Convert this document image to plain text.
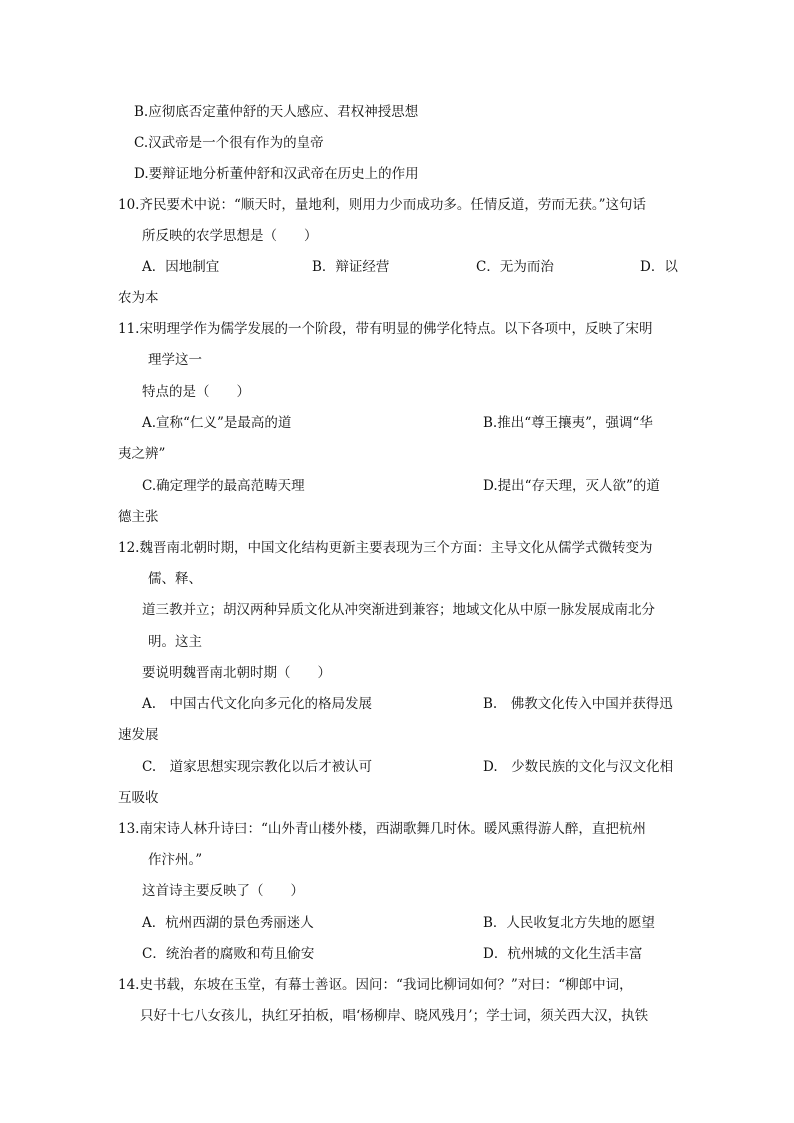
B.应彻底否定董仲舒的天人感应、君权神授思想
C.汉武帝是一个很有作为的皇帝
D.要辩证地分析董仲舒和汉武帝在历史上的作用
10.齐民要术中说：“顺天时，量地利，则用力少而成功多。任情反道，劳而无获。”这句话
所反映的农学思想是（　　）
A．因地制宜	B．辩证经营	C．无为而治	D．以
农为本
11.宋明理学作为儒学发展的一个阶段，带有明显的佛学化特点。以下各项中，反映了宋明
理学这一
特点的是（　　）
A.宣称“仁义”是最高的道	B.推出“尊王攘夷”，强调“华
夷之辨”
C.确定理学的最高范畴天理	D.提出“存天理，灭人欲”的道
德主张
12.魏晋南北朝时期，中国文化结构更新主要表现为三个方面：主导文化从儒学式微转变为
儒、释、
道三教并立；胡汉两种异质文化从冲突渐进到兼容；地域文化从中原一脉发展成南北分
明。这主
要说明魏晋南北朝时期（　　）
A.　中国古代文化向多元化的格局发展	B.　佛教文化传入中国并获得迅
速发展
C.　道家思想实现宗教化以后才被认可	D.　少数民族的文化与汉文化相
互吸收
13.南宋诗人林升诗曰：“山外青山楼外楼，西湖歌舞几时休。暖风熏得游人醉，直把杭州
作汴州。”
这首诗主要反映了（　　）
A．杭州西湖的景色秀丽迷人	B．人民收复北方失地的愿望
C．统治者的腐败和苟且偷安	D．杭州城的文化生活丰富
14.史书载，东坡在玉堂，有幕士善讴。因问：“我词比柳词如何？”对曰：“柳郎中词，
只好十七八女孩儿，执红牙拍板，唱‘杨柳岸、晓风残月’；学士词，须关西大汉，执铁
